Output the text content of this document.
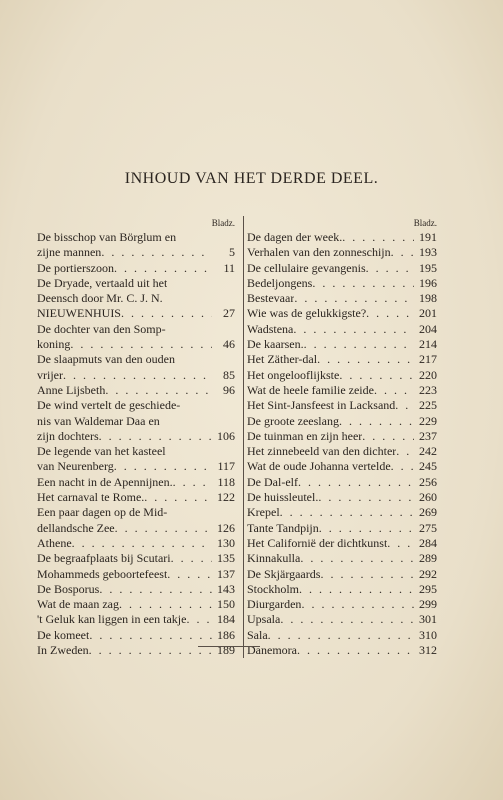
INHOUD VAN HET DERDE DEEL.
Bladz.
De bisschop van Börglum en
zijne mannen . . .	5
De portierszoon . . .	11
De Dryade, vertaald uit het
Deensch door Mr. C. J. N.
NIEUWENHUIS . . .	27
De dochter van den Somp-
koning . . .	46
De slaapmuts van den ouden
vrijer . . .	85
Anne Lijsbeth . . .	96
De wind vertelt de geschiede-
nis van Waldemar Daa en
zijn dochters . . .	106
De legende van het kasteel
van Neurenberg . . .	117
Een nacht in de Apennijnen. . . .	118
Het carnaval te Rome. . . .	122
Een paar dagen op de Mid-
dellandsche Zee . . .	126
Athene . . .	130
De begraafplaats bij Scutari . . .	135
Mohammeds geboortefeest . . .	137
De Bosporus . . .	143
Wat de maan zag . . .	150
't Geluk kan liggen in een takje . . .	184
De komeet . . .	186
In Zweden . . .	189
Bladz.
De dagen der week. . . .	191
Verhalen van den zonneschijn . . .	193
De cellulaire gevangenis . . .	195
Bedeljongens . . .	196
Bestevaar . . .	198
Wie was de gelukkigste? . . .	201
Wadstena . . .	204
De kaarsen. . . .	214
Het Zäther-dal . . .	217
Het ongelooflijkste . . .	220
Wat de heele familie zeide . . .	223
Het Sint-Jansfeest in Lacksand . . .	225
De groote zeeslang . . .	229
De tuinman en zijn heer . . .	237
Het zinnebeeld van den dichter . . .	242
Wat de oude Johanna vertelde . . .	245
De Dal-elf . . .	256
De huissleutel. . . .	260
Krepel . . .	269
Tante Tandpijn . . .	275
Het Californië der dichtkunst . . .	284
Kinnakulla . . .	289
De Skjärgaards . . .	292
Stockholm . . .	295
Diurgarden . . .	299
Upsala . . .	301
Sala . . .	310
Danemora . . .	312
